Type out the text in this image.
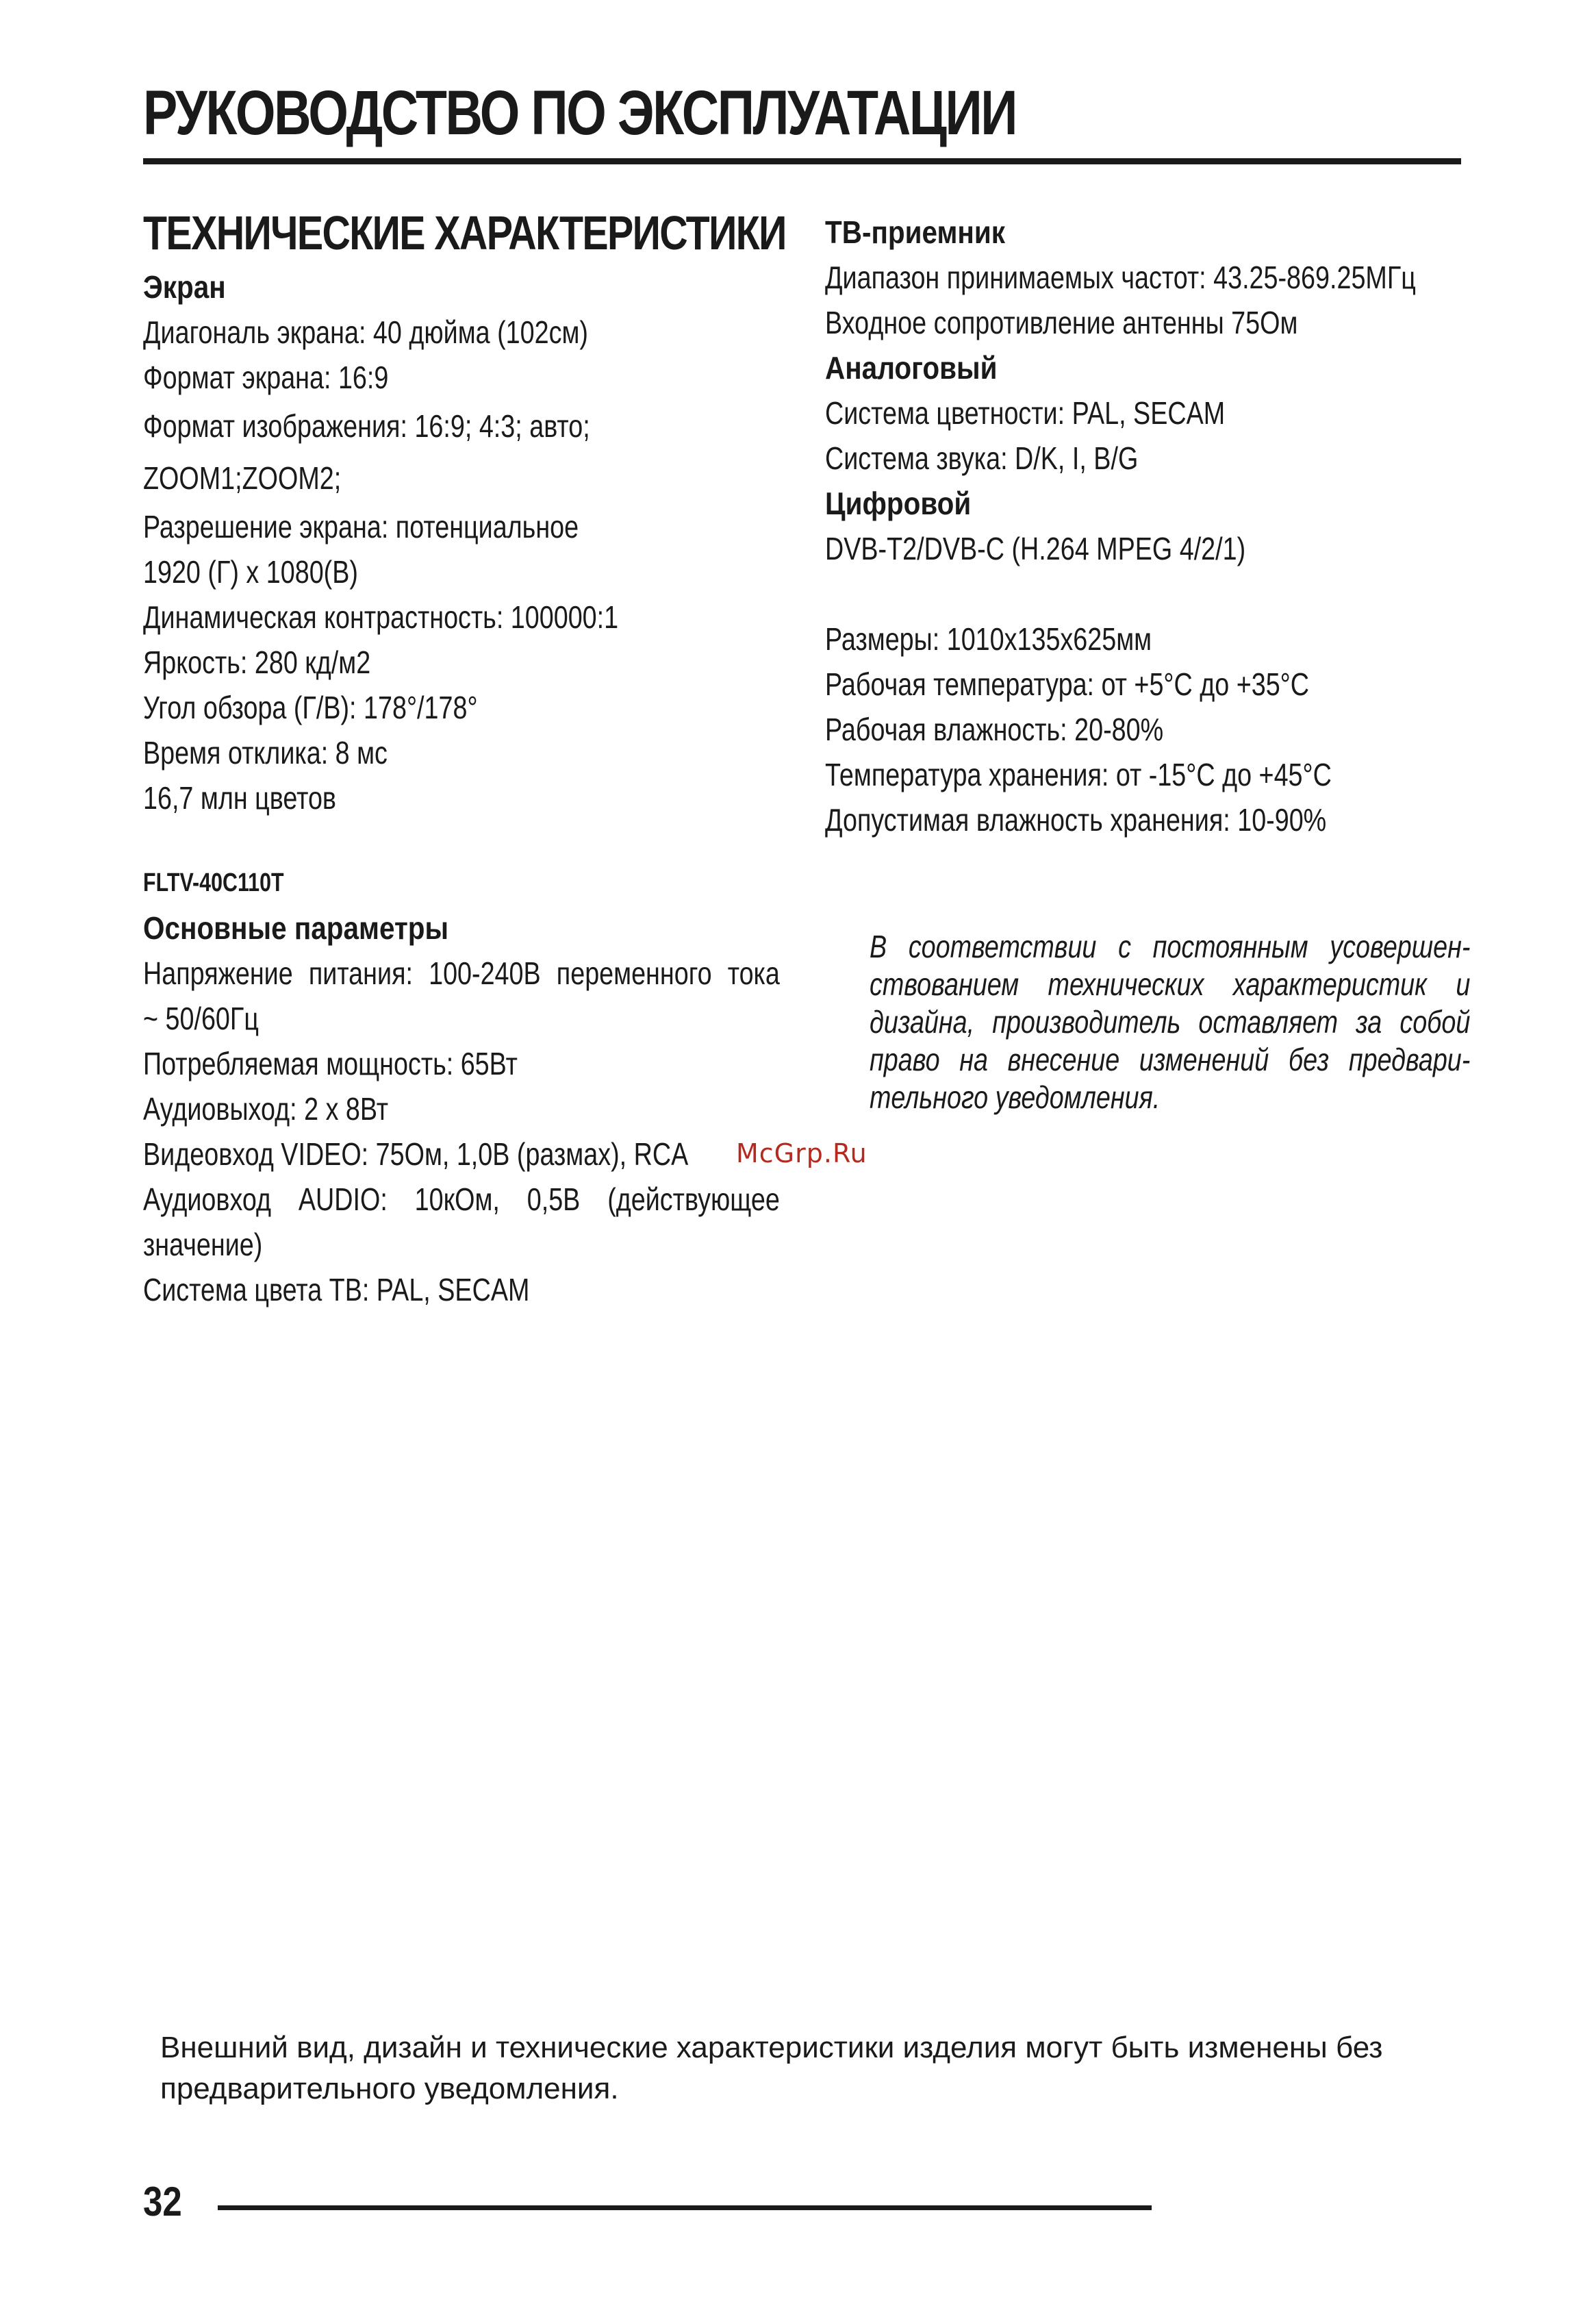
РУКОВОДСТВО ПО ЭКСПЛУАТАЦИИ
ТЕХНИЧЕСКИЕ ХАРАКТЕРИСТИКИ
Экран
Диагональ экрана: 40 дюйма (102см)
Формат экрана: 16:9
Формат изображения: 16:9; 4:3; авто;
ZOOM1;ZOOM2;
Разрешение экрана: потенциальное
1920 (Г) x 1080(В)
Динамическая контрастность: 100000:1
Яркость: 280 кд/м2
Угол обзора (Г/В): 178°/178°
Время отклика: 8 мс
16,7 млн цветов
FLTV-40C110T
Основные параметры
Напряжение питания: 100-240В переменного тока
~ 50/60Гц
Потребляемая мощность: 65Вт
Аудиовыход: 2 х 8Вт
Видеовход VIDEO: 75Ом, 1,0В (размах), RCA
Аудиовход AUDIO: 10кОм, 0,5В (действующее
значение)
Система цвета ТВ: PAL, SECAM
ТВ-приемник
Диапазон принимаемых частот: 43.25-869.25МГц
Входное сопротивление антенны 75Ом
Аналоговый
Система цветности: PAL, SECAM
Система звука: D/K, I, B/G
Цифровой
DVB-T2/DVB-C (H.264 MPEG 4/2/1)
Размеры: 1010x135x625мм
Рабочая температура: от +5°С до +35°С
Рабочая влажность: 20-80%
Температура хранения: от -15°С до +45°С
Допустимая влажность хранения: 10-90%
В соответствии с постоянным усовершен-
ствованием технических характеристик и
дизайна, производитель оставляет за собой
право на внесение изменений без предвари-
тельного уведомления.
McGrp.Ru
Внешний вид, дизайн и технические характеристики изделия могут быть изменены без
предварительного уведомления.
32
